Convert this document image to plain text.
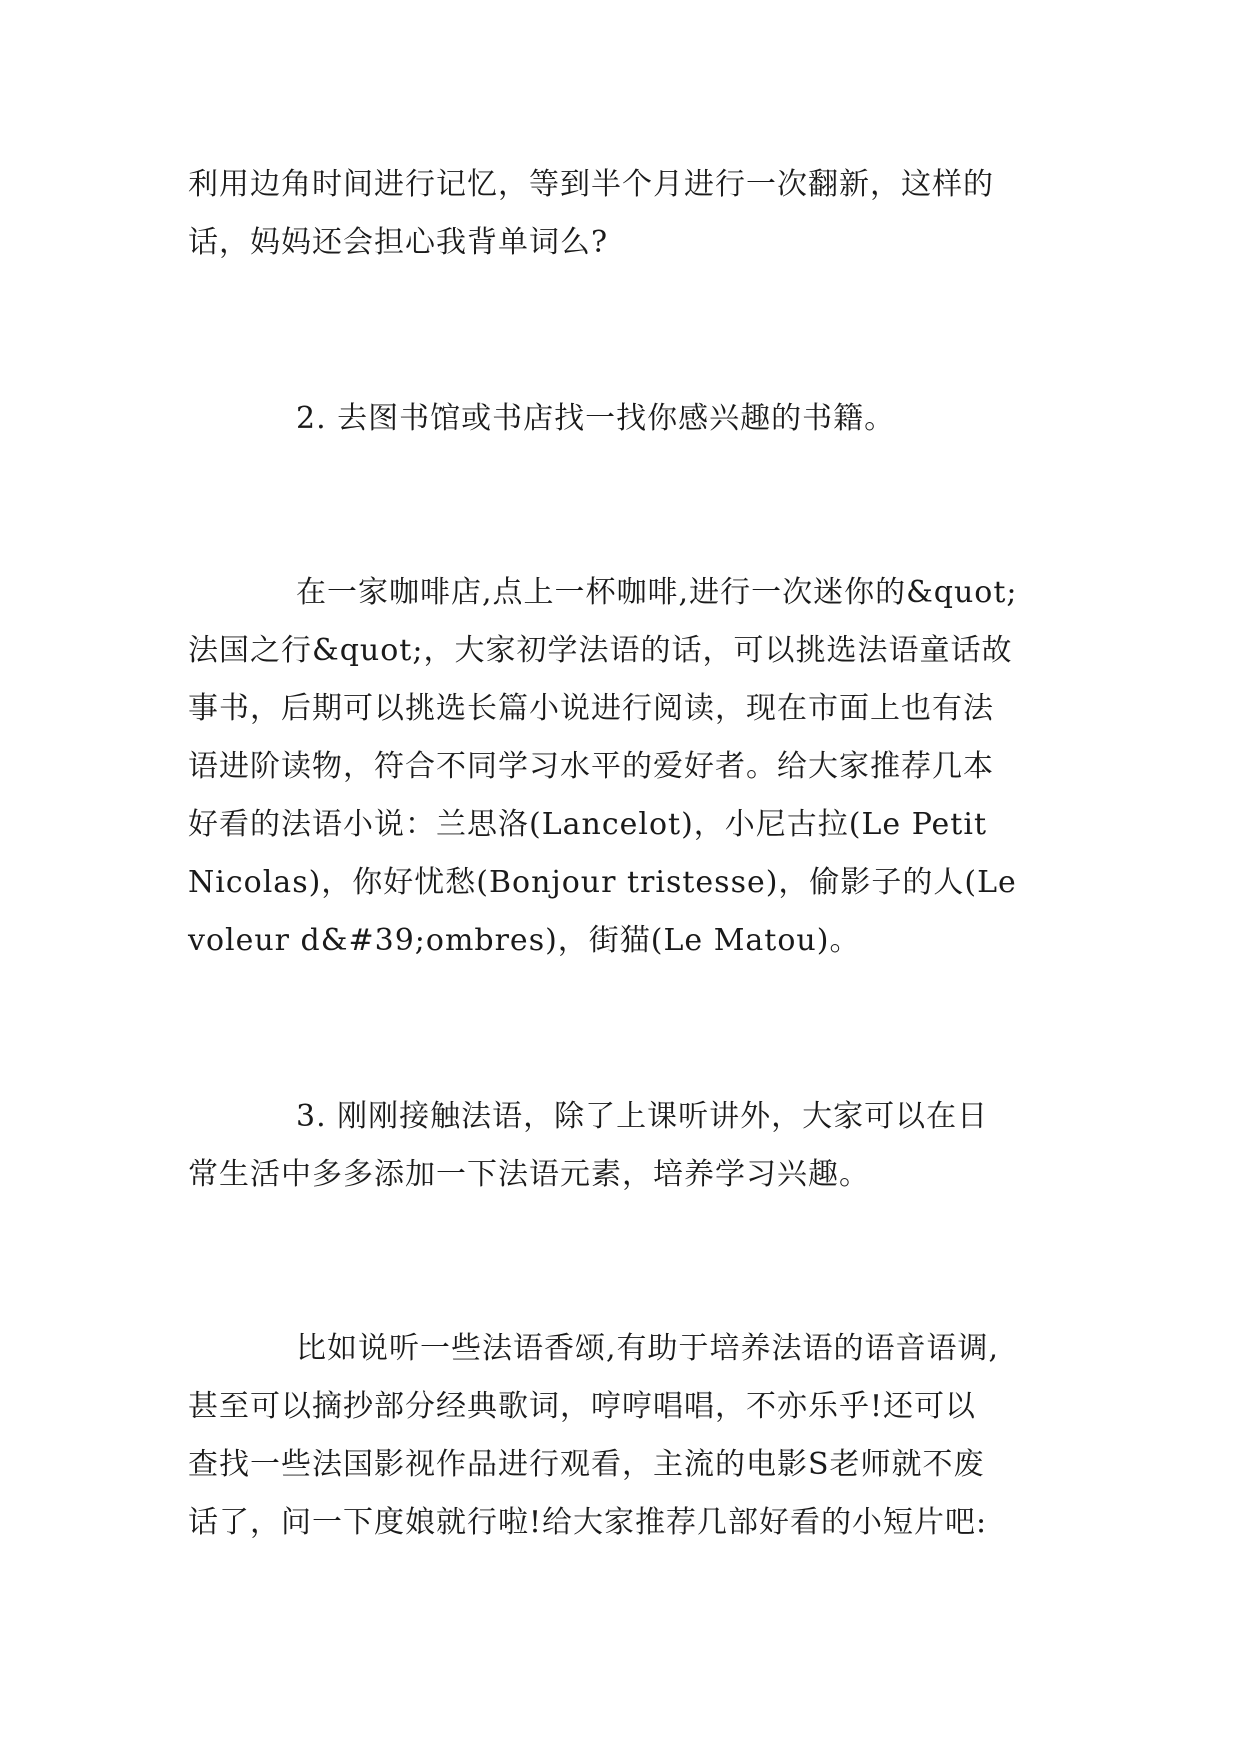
利用边角时间进行记忆，等到半个月进行一次翻新，这样的
话，妈妈还会担心我背单词么?

2. 去图书馆或书店找一找你感兴趣的书籍。

在一家咖啡店,点上一杯咖啡,进行一次迷你的&quot;
法国之行&quot;，大家初学法语的话，可以挑选法语童话故
事书，后期可以挑选长篇小说进行阅读，现在市面上也有法
语进阶读物，符合不同学习水平的爱好者。给大家推荐几本
好看的法语小说：兰思洛(Lancelot)，小尼古拉(Le Petit
Nicolas)，你好忧愁(Bonjour tristesse)，偷影子的人(Le
voleur d&#39;ombres)，街猫(Le Matou)。

3. 刚刚接触法语，除了上课听讲外，大家可以在日
常生活中多多添加一下法语元素，培养学习兴趣。

比如说听一些法语香颂,有助于培养法语的语音语调,
甚至可以摘抄部分经典歌词，哼哼唱唱，不亦乐乎!还可以
查找一些法国影视作品进行观看，主流的电影S老师就不废
话了，问一下度娘就行啦!给大家推荐几部好看的小短片吧:
